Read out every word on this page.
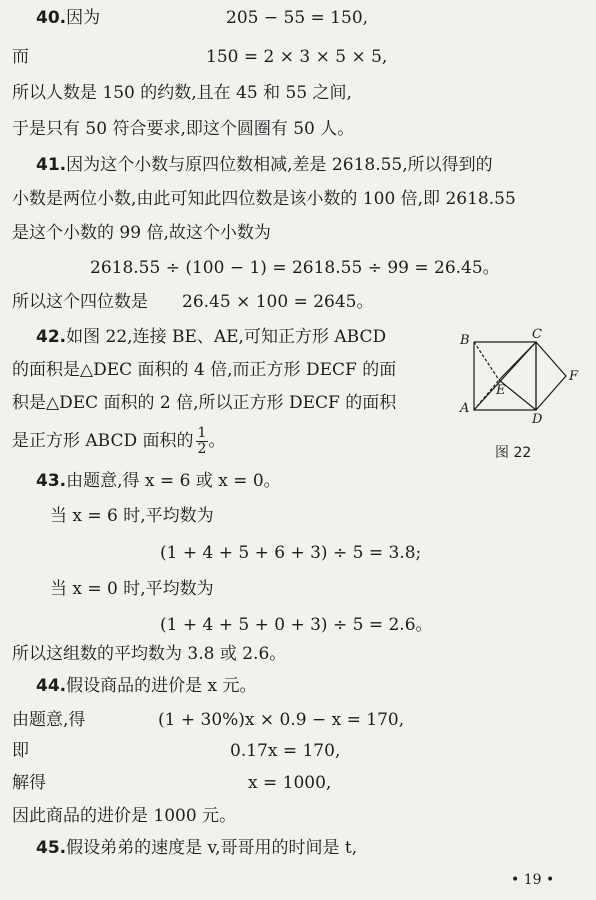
40.因为	205 − 55 = 150,
而	150 = 2 × 3 × 5 × 5,
所以人数是 150 的约数,且在 45 和 55 之间,
于是只有 50 符合要求,即这个圆圈有 50 人。
41.因为这个小数与原四位数相减,差是 2618.55,所以得到的
小数是两位小数,由此可知此四位数是该小数的 100 倍,即 2618.55
是这个小数的 99 倍,故这个小数为
2618.55 ÷ (100 − 1) = 2618.55 ÷ 99 = 26.45。
所以这个四位数是　　26.45 × 100 = 2645。
42.如图 22,连接 BE、AE,可知正方形 ABCD
的面积是△DEC 面积的 4 倍,而正方形 DECF 的面
积是△DEC 面积的 2 倍,所以正方形 DECF 的面积
是正方形 ABCD 面积的 $\frac{1}{2}$ 。
B	C
F
E
A
D
图 22
43.由题意,得 x = 6 或 x = 0。
当 x = 6 时,平均数为
(1 + 4 + 5 + 6 + 3) ÷ 5 = 3.8;
当 x = 0 时,平均数为
(1 + 4 + 5 + 0 + 3) ÷ 5 = 2.6。
所以这组数的平均数为 3.8 或 2.6。
44.假设商品的进价是 x 元。
由题意,得	(1 + 30%)x × 0.9 − x = 170,
即	0.17x = 170,
解得	x = 1000,
因此商品的进价是 1000 元。
45.假设弟弟的速度是 v,哥哥用的时间是 t,
• 19 •
